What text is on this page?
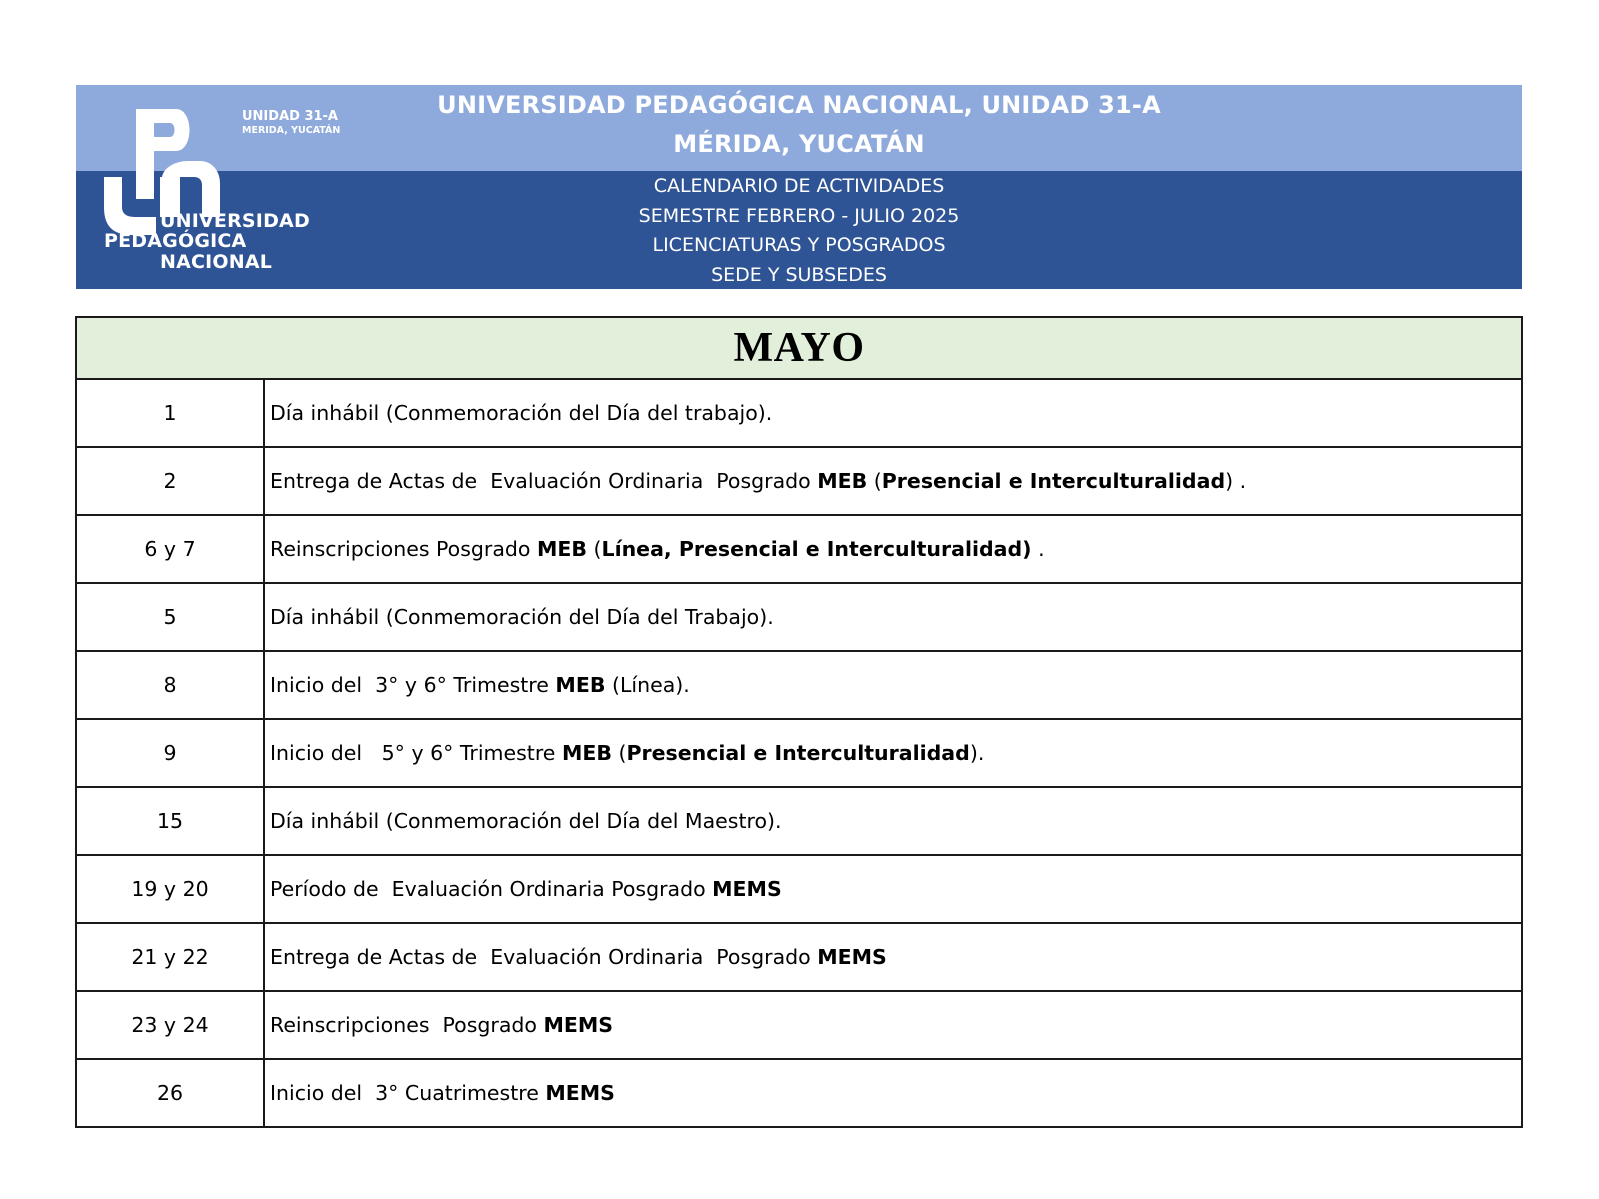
UNIVERSIDAD PEDAGÓGICA NACIONAL, UNIDAD 31-A
MÉRIDA, YUCATÁN
CALENDARIO DE ACTIVIDADES
SEMESTRE FEBRERO - JULIO 2025
LICENCIATURAS Y POSGRADOS
SEDE Y SUBSEDES
UNIDAD 31-A
MERIDA, YUCATÁN
UNIVERSIDAD
PEDAGÓGICA
NACIONAL
MAYO	
1	Día inhábil (Conmemoración del Día del trabajo).
2	Entrega de Actas de  Evaluación Ordinaria  Posgrado MEB (Presencial e Interculturalidad) .
6 y 7	Reinscripciones Posgrado MEB (Línea, Presencial e Interculturalidad) .
5	Día inhábil (Conmemoración del Día del Trabajo).
8	Inicio del  3° y 6° Trimestre MEB (Línea).
9	Inicio del   5° y 6° Trimestre MEB (Presencial e Interculturalidad).
15	Día inhábil (Conmemoración del Día del Maestro).
19 y 20	Período de  Evaluación Ordinaria Posgrado MEMS
21 y 22	Entrega de Actas de  Evaluación Ordinaria  Posgrado MEMS
23 y 24	Reinscripciones  Posgrado MEMS
26	Inicio del  3° Cuatrimestre MEMS
